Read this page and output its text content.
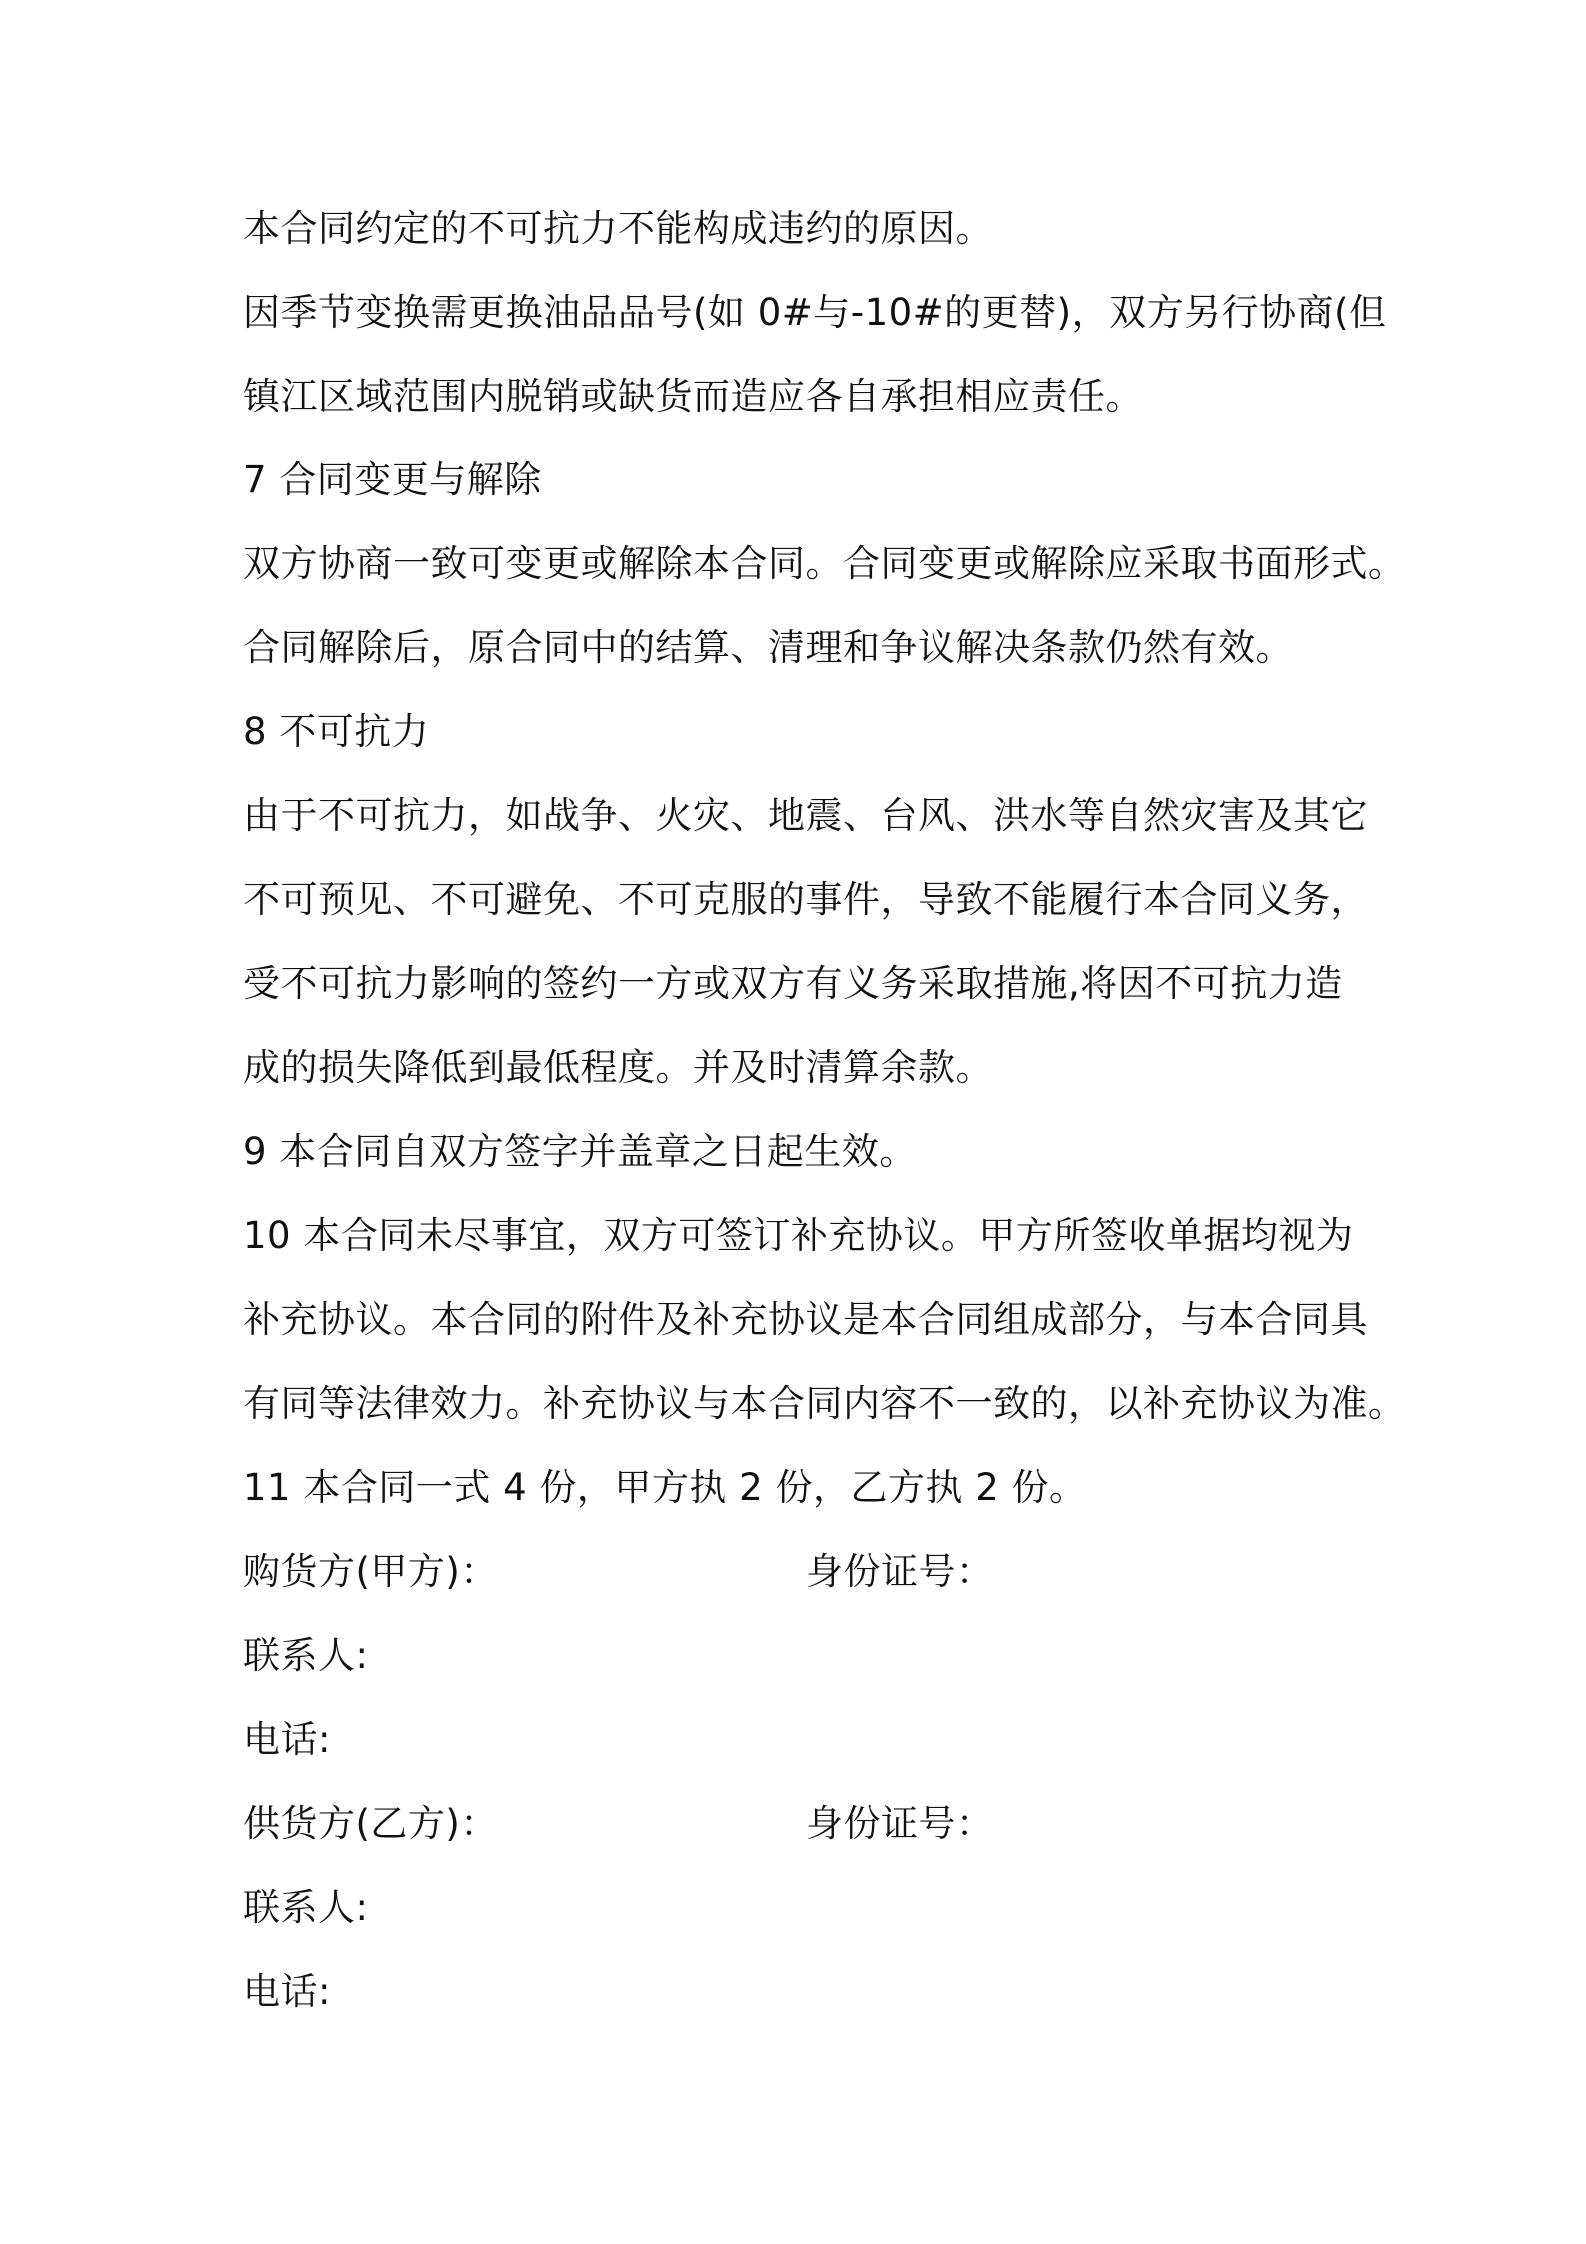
本合同约定的不可抗力不能构成违约的原因。
因季节变换需更换油品品号(如 0#与-10#的更替)，双方另行协商(但
镇江区域范围内脱销或缺货而造应各自承担相应责任。
7 合同变更与解除
双方协商一致可变更或解除本合同。合同变更或解除应采取书面形式。
合同解除后，原合同中的结算、清理和争议解决条款仍然有效。
8 不可抗力
由于不可抗力，如战争、火灾、地震、台风、洪水等自然灾害及其它
不可预见、不可避免、不可克服的事件，导致不能履行本合同义务，
受不可抗力影响的签约一方或双方有义务采取措施,将因不可抗力造
成的损失降低到最低程度。并及时清算余款。
9 本合同自双方签字并盖章之日起生效。
10 本合同未尽事宜，双方可签订补充协议。甲方所签收单据均视为
补充协议。本合同的附件及补充协议是本合同组成部分，与本合同具
有同等法律效力。补充协议与本合同内容不一致的，以补充协议为准。
11 本合同一式 4 份，甲方执 2 份，乙方执 2 份。
购货方(甲方)：	身份证号：
联系人:
电话:
供货方(乙方)：	身份证号：
联系人:
电话:
